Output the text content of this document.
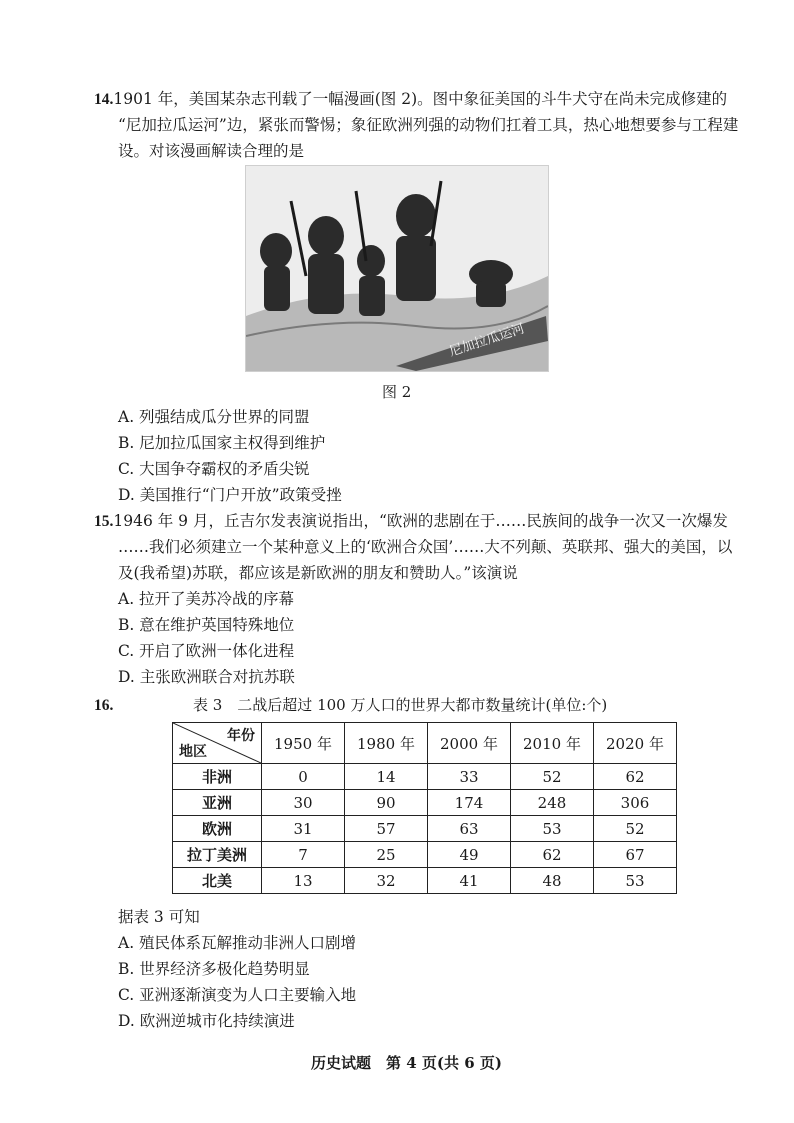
14.1901 年，美国某杂志刊载了一幅漫画(图 2)。图中象征美国的斗牛犬守在尚未完成修建的
“尼加拉瓜运河”边，紧张而警惕；象征欧洲列强的动物们扛着工具，热心地想要参与工程建
设。对该漫画解读合理的是
尼加拉瓜运河
图 2
A. 列强结成瓜分世界的同盟
B. 尼加拉瓜国家主权得到维护
C. 大国争夺霸权的矛盾尖锐
D. 美国推行“门户开放”政策受挫
15.1946 年 9 月，丘吉尔发表演说指出，“欧洲的悲剧在于……民族间的战争一次又一次爆发
……我们必须建立一个某种意义上的‘欧洲合众国’……大不列颠、英联邦、强大的美国，以
及(我希望)苏联，都应该是新欧洲的朋友和赞助人。”该演说
A. 拉开了美苏冷战的序幕
B. 意在维护英国特殊地位
C. 开启了欧洲一体化进程
D. 主张欧洲联合对抗苏联
16.	表 3　二战后超过 100 万人口的世界大都市数量统计(单位:个)
年份
地区	1950 年	1980 年	2000 年	2010 年	2020 年
非洲	0	14	33	52	62
亚洲	30	90	174	248	306
欧洲	31	57	63	53	52
拉丁美洲	7	25	49	62	67
北美	13	32	41	48	53
据表 3 可知
A. 殖民体系瓦解推动非洲人口剧增
B. 世界经济多极化趋势明显
C. 亚洲逐渐演变为人口主要输入地
D. 欧洲逆城市化持续演进
历史试题　第 4 页(共 6 页)
